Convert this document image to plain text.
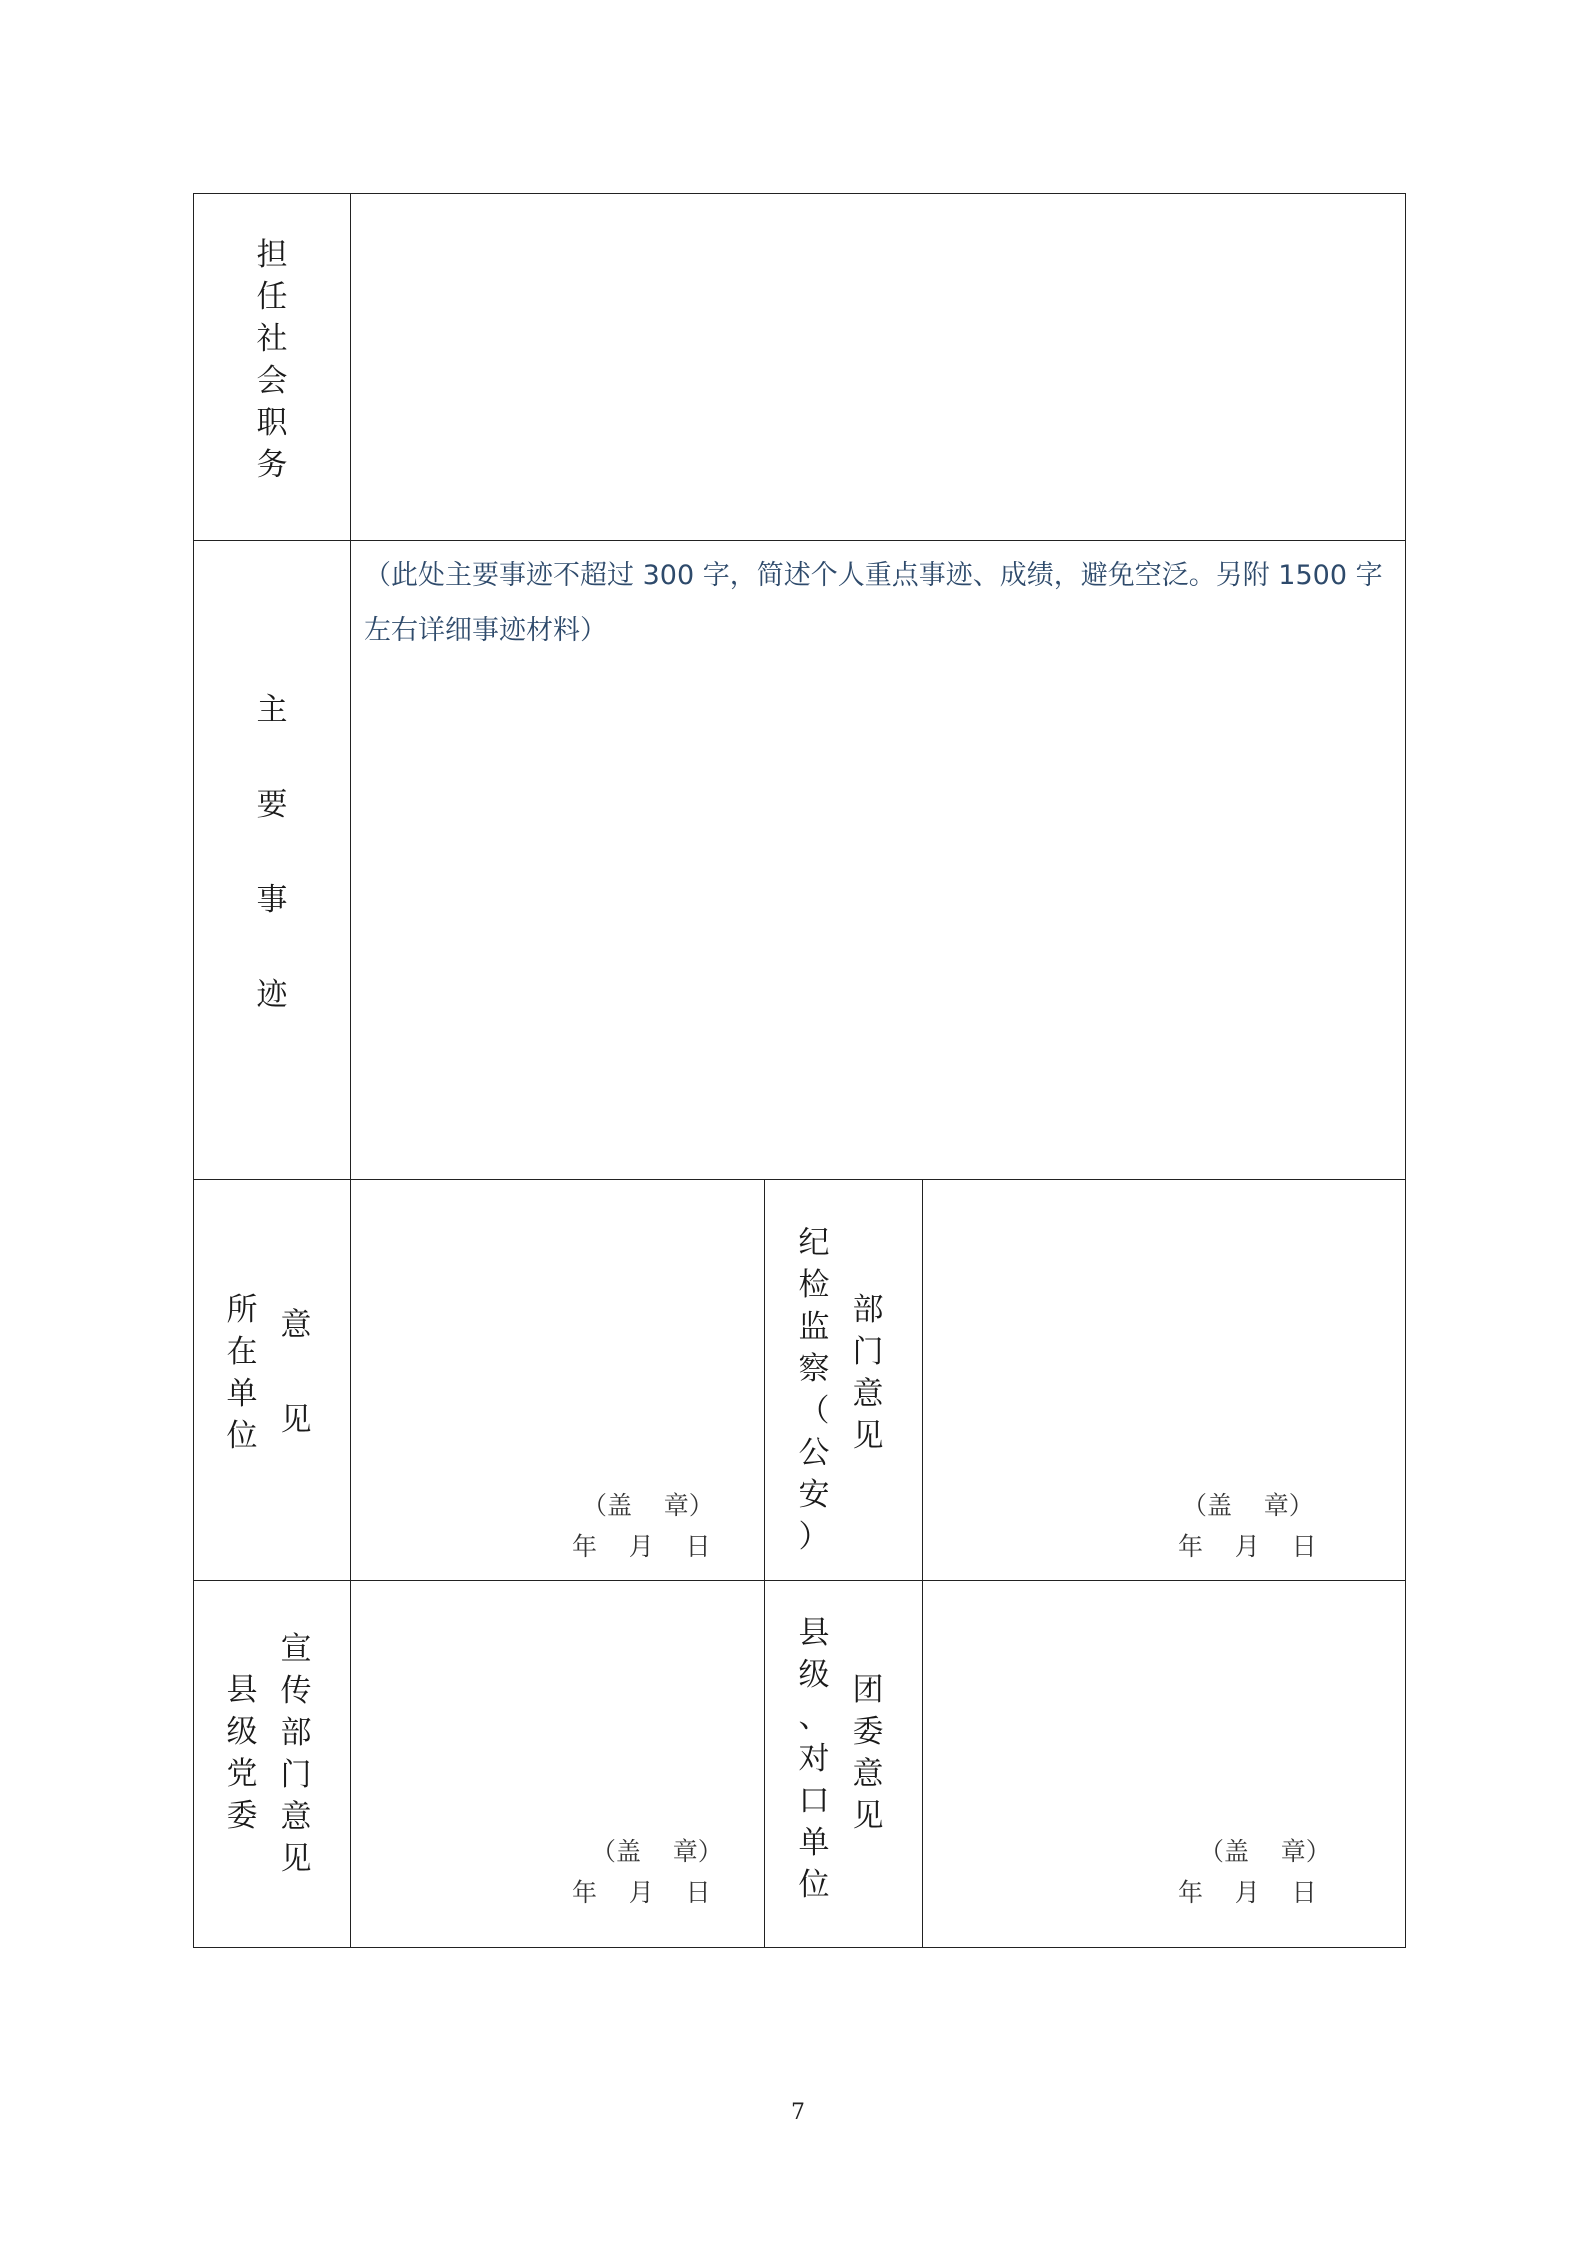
担
任
社
会
职
务
主
要
事
迹
（此处主要事迹不超过 300 字，简述个人重点事迹、成绩，避免空泛。另附 1500 字左右详细事迹材料）
所
在
单
位
意
见
（盖    章）
年    月    日
纪
检
监
察
（
公
安
）
部
门
意
见
（盖    章）
年    月    日
县
级
党
委
宣
传
部
门
意
见	（盖    章）
年    月    日
县
级
、
对
口
单
位
团
委
意
见
（盖    章）
年    月    日
7
